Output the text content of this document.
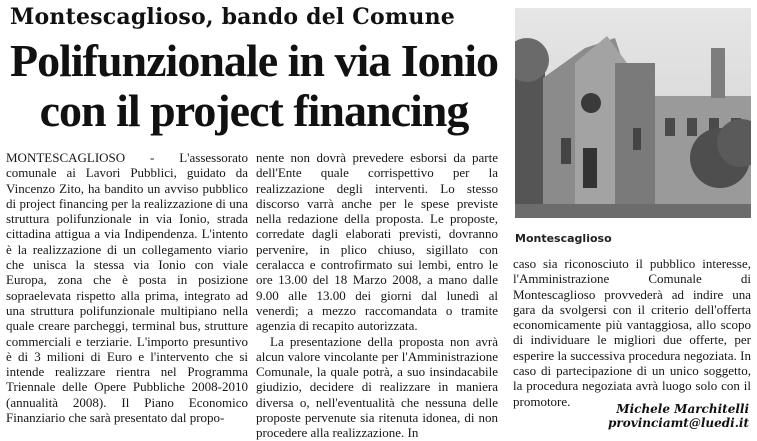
Montescaglioso, bando del Comune
Polifunzionale in via Ionio
con il project financing

MONTESCAGLIOSO - L'assessorato comunale ai Lavori Pubblici, guidato da Vincenzo Zito, ha bandito un avviso pubblico di project financing per la realizzazione di una struttura polifunzionale in via Ionio, strada cittadina attigua a via Indipendenza. L'intento è la realizzazione di un collegamento viario che unisca la stessa via Ionio con viale Europa, zona che è posta in posizione sopraelevata rispetto alla prima, integrato ad una struttura polifunzionale multipiano nella quale creare parcheggi, terminal bus, strutture commerciali e terziarie. L'importo presuntivo è di 3 milioni di Euro e l'intervento che si intende realizzare rientra nel Programma Triennale delle Opere Pubbliche 2008-2010 (annualità 2008). Il Piano Economico Finanziario che sarà presentato dal propo-

nente non dovrà prevedere esborsi da parte dell'Ente quale corrispettivo per la realizzazione degli interventi. Lo stesso discorso varrà anche per le spese previste nella redazione della proposta. Le proposte, corredate dagli elaborati previsti, dovranno pervenire, in plico chiuso, sigillato con ceralacca e controfirmato sui lembi, entro le ore 13.00 del 18 Marzo 2008, a mano dalle 9.00 alle 13.00 dei giorni dal lunedì al venerdì; a mezzo raccomandata o tramite agenzia di recapito autorizzata.

La presentazione della proposta non avrà alcun valore vincolante per l'Amministrazione Comunale, la quale potrà, a suo insindacabile giudizio, decidere di realizzare in maniera diversa o, nell'eventualità che nessuna delle proposte pervenute sia ritenuta idonea, di non procedere alla realizzazione. In

Montescaglioso

caso sia riconosciuto il pubblico interesse, l'Amministrazione Comunale di Montescaglioso provvederà ad indire una gara da svolgersi con il criterio dell'offerta economicamente più vantaggiosa, allo scopo di individuare le migliori due offerte, per esperire la successiva procedura negoziata. In caso di partecipazione di un unico soggetto, la procedura negoziata avrà luogo solo con il promotore.

Michele Marchitelli
provinciamt@luedi.it
